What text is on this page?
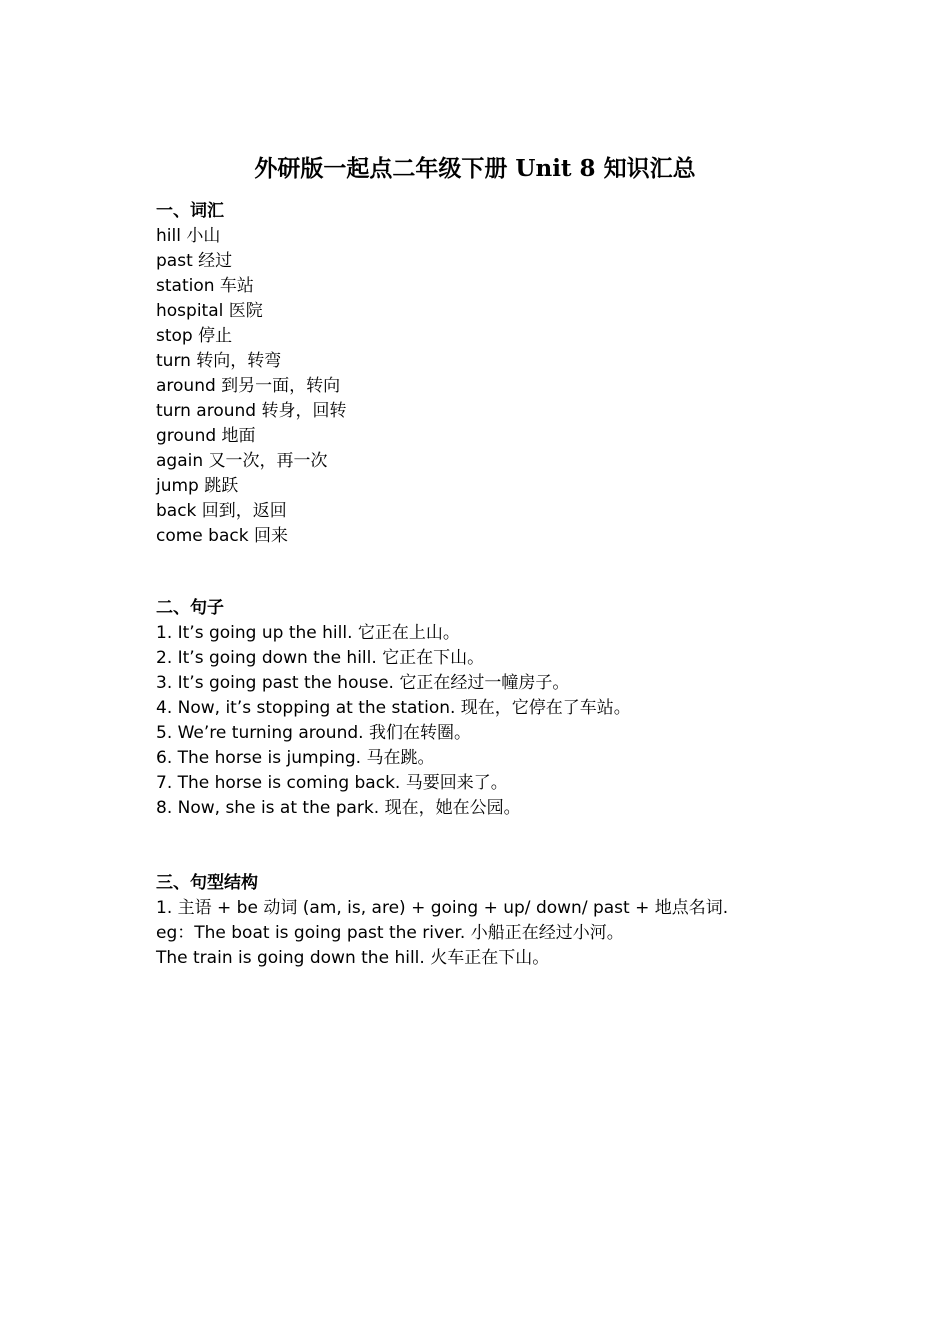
外研版一起点二年级下册 Unit 8 知识汇总
一、词汇
hill 小山
past 经过
station 车站
hospital 医院
stop 停止
turn 转向，转弯
around 到另一面，转向
turn around 转身，回转
ground 地面
again 又一次，再一次
jump 跳跃
back 回到，返回
come back 回来
二、句子
1. It’s going up the hill. 它正在上山。
2. It’s going down the hill. 它正在下山。
3. It’s going past the house. 它正在经过一幢房子。
4. Now, it’s stopping at the station. 现在，它停在了车站。
5. We’re turning around. 我们在转圈。
6. The horse is jumping. 马在跳。
7. The horse is coming back. 马要回来了。
8. Now, she is at the park. 现在，她在公园。
三、句型结构
1. 主语 + be 动词 (am, is, are) + going + up/ down/ past + 地点名词.
eg：The boat is going past the river. 小船正在经过小河。
The train is going down the hill. 火车正在下山。
